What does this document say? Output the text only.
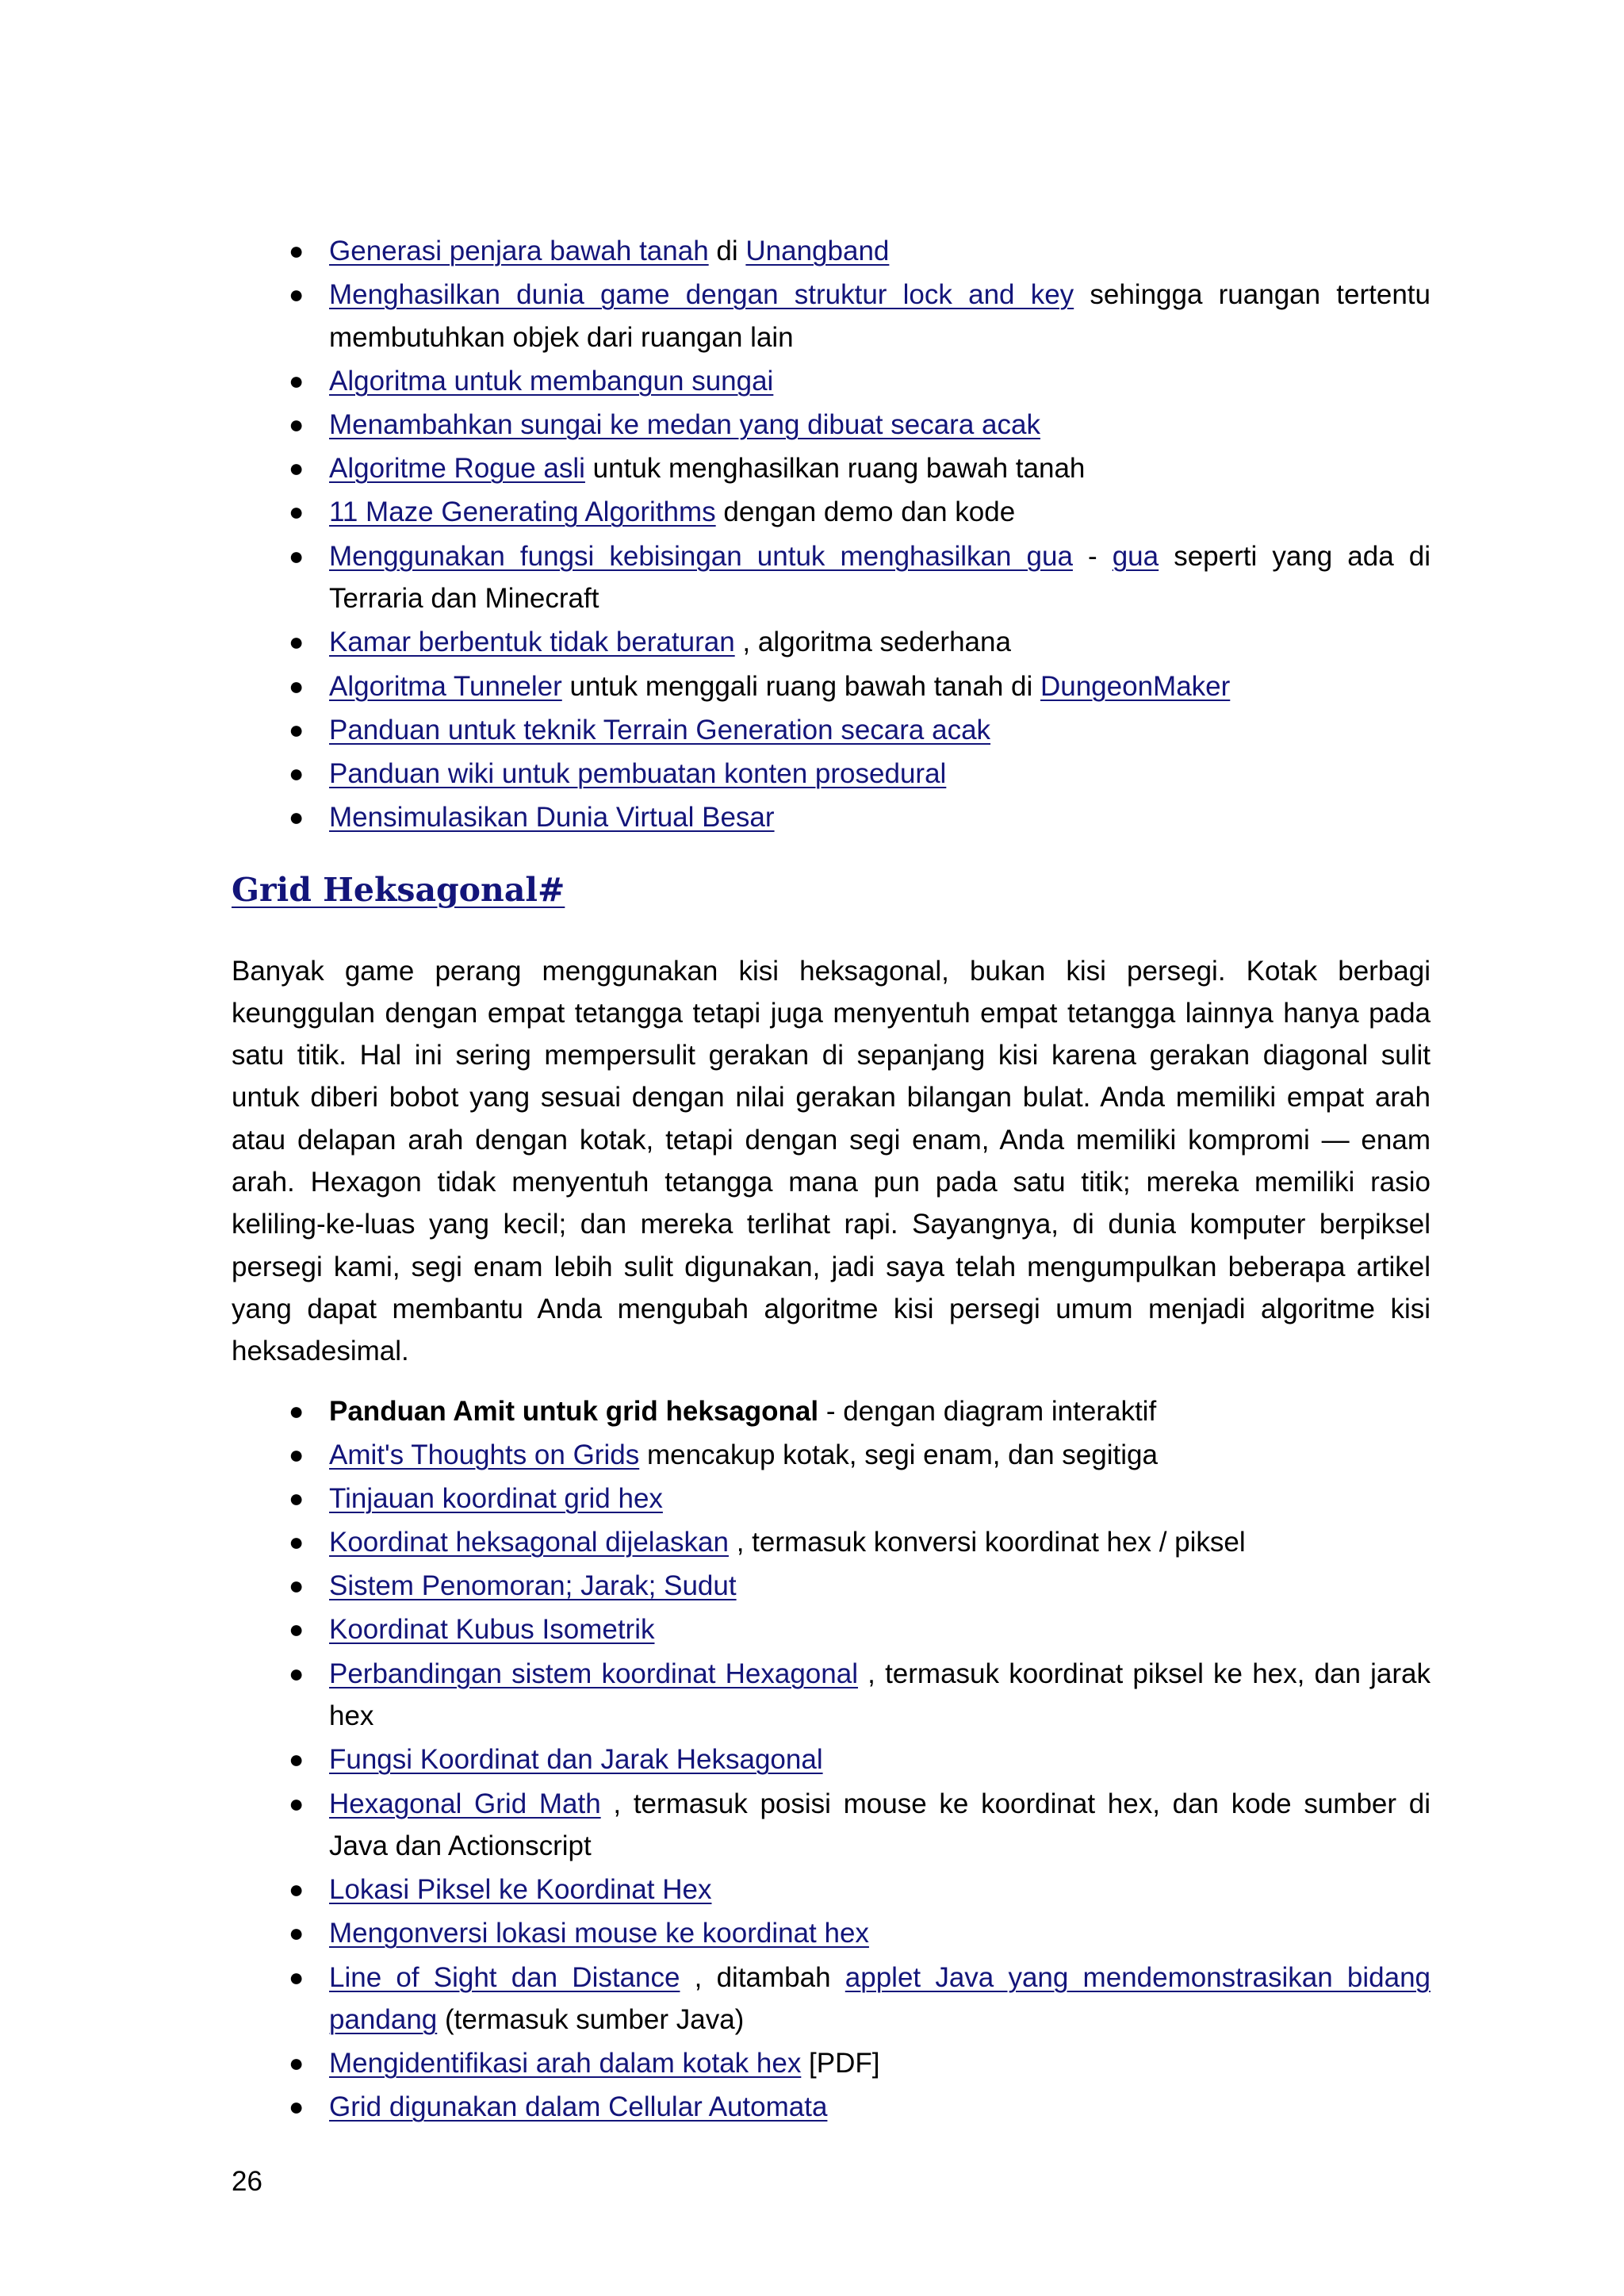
● Generasi penjara bawah tanah di Unangband
● Menghasilkan dunia game dengan struktur lock and key sehingga ruangan tertentu membutuhkan objek dari ruangan lain
● Algoritma untuk membangun sungai
● Menambahkan sungai ke medan yang dibuat secara acak
● Algoritme Rogue asli untuk menghasilkan ruang bawah tanah
● 11 Maze Generating Algorithms dengan demo dan kode
● Menggunakan fungsi kebisingan untuk menghasilkan gua - gua seperti yang ada di Terraria dan Minecraft
● Kamar berbentuk tidak beraturan , algoritma sederhana
● Algoritma Tunneler untuk menggali ruang bawah tanah di DungeonMaker
● Panduan untuk teknik Terrain Generation secara acak
● Panduan wiki untuk pembuatan konten prosedural
● Mensimulasikan Dunia Virtual Besar
Grid Heksagonal#

Banyak game perang menggunakan kisi heksagonal, bukan kisi persegi. Kotak berbagi keunggulan dengan empat tetangga tetapi juga menyentuh empat tetangga lainnya hanya pada satu titik. Hal ini sering mempersulit gerakan di sepanjang kisi karena gerakan diagonal sulit untuk diberi bobot yang sesuai dengan nilai gerakan bilangan bulat. Anda memiliki empat arah atau delapan arah dengan kotak, tetapi dengan segi enam, Anda memiliki kompromi — enam arah. Hexagon tidak menyentuh tetangga mana pun pada satu titik; mereka memiliki rasio keliling-ke-luas yang kecil; dan mereka terlihat rapi. Sayangnya, di dunia komputer berpiksel persegi kami, segi enam lebih sulit digunakan, jadi saya telah mengumpulkan beberapa artikel yang dapat membantu Anda mengubah algoritme kisi persegi umum menjadi algoritme kisi heksadesimal.

● Panduan Amit untuk grid heksagonal - dengan diagram interaktif
● Amit's Thoughts on Grids mencakup kotak, segi enam, dan segitiga
● Tinjauan koordinat grid hex
● Koordinat heksagonal dijelaskan , termasuk konversi koordinat hex / piksel
● Sistem Penomoran; Jarak; Sudut
● Koordinat Kubus Isometrik
● Perbandingan sistem koordinat Hexagonal , termasuk koordinat piksel ke hex, dan jarak hex
● Fungsi Koordinat dan Jarak Heksagonal
● Hexagonal Grid Math , termasuk posisi mouse ke koordinat hex, dan kode sumber di Java dan Actionscript
● Lokasi Piksel ke Koordinat Hex
● Mengonversi lokasi mouse ke koordinat hex
● Line of Sight dan Distance , ditambah applet Java yang mendemonstrasikan bidang pandang (termasuk sumber Java)
● Mengidentifikasi arah dalam kotak hex [PDF]
● Grid digunakan dalam Cellular Automata
26
